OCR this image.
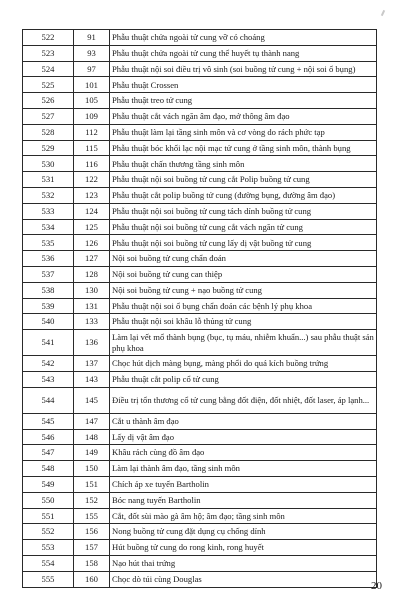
522	91	Phẫu thuật chửa ngoài tử cung vỡ có choáng
523	93	Phẫu thuật chửa ngoài tử cung thể huyết tụ thành nang
524	97	Phẫu thuật nội soi điều trị vô sinh (soi buồng tử cung + nội soi ổ bụng)
525	101	Phẫu thuật Crossen
526	105	Phẫu thuật treo tử cung
527	109	Phẫu thuật cắt vách ngăn âm đạo, mở thông âm đạo
528	112	Phẫu thuật làm lại tầng sinh môn và cơ vòng do rách phức tạp
529	115	Phẫu thuật bóc khối lạc nội mạc tử cung ở tầng sinh môn, thành bụng
530	116	Phẫu thuật chấn thương tầng sinh môn
531	122	Phẫu thuật nội soi buồng tử cung cắt Polip buồng tử cung
532	123	Phẫu thuật cắt polip buồng tử cung (đường bụng, đường âm đạo)
533	124	Phẫu thuật nội soi buồng tử cung tách dính buồng tử cung
534	125	Phẫu thuật nội soi buồng tử cung cắt vách ngăn tử cung
535	126	Phẫu thuật nội soi buồng tử cung lấy dị vật buồng tử cung
536	127	Nội soi buồng tử cung chẩn đoán
537	128	Nội soi buồng tử cung can thiệp
538	130	Nội soi buồng tử cung + nạo buồng tử cung
539	131	Phẫu thuật nội soi ổ bụng chẩn đoán các bệnh lý phụ khoa
540	133	Phẫu thuật nội soi khâu lỗ thủng tử cung
541	136	Làm lại vết mổ thành bụng (bục, tụ máu, nhiễm khuẩn...) sau phẫu thuật sản phụ khoa
542	137	Chọc hút dịch màng bụng, màng phổi do quá kích buồng trứng
543	143	Phẫu thuật cắt polip cổ tử cung
544	145	Điều trị tổn thương cổ tử cung bằng đốt điện, đốt nhiệt, đốt laser, áp lạnh...
545	147	Cắt u thành âm đạo
546	148	Lấy dị vật âm đạo
547	149	Khâu rách cùng đồ âm đạo
548	150	Làm lại thành âm đạo, tầng sinh môn
549	151	Chích áp xe tuyến Bartholin
550	152	Bóc nang tuyến Bartholin
551	155	Cắt, đốt sùi mào gà âm hộ; âm đạo; tầng sinh môn
552	156	Nong buồng tử cung đặt dụng cụ chống dính
553	157	Hút buồng tử cung do rong kinh, rong huyết
554	158	Nạo hút thai trứng
555	160	Chọc dò túi cùng Douglas
20
